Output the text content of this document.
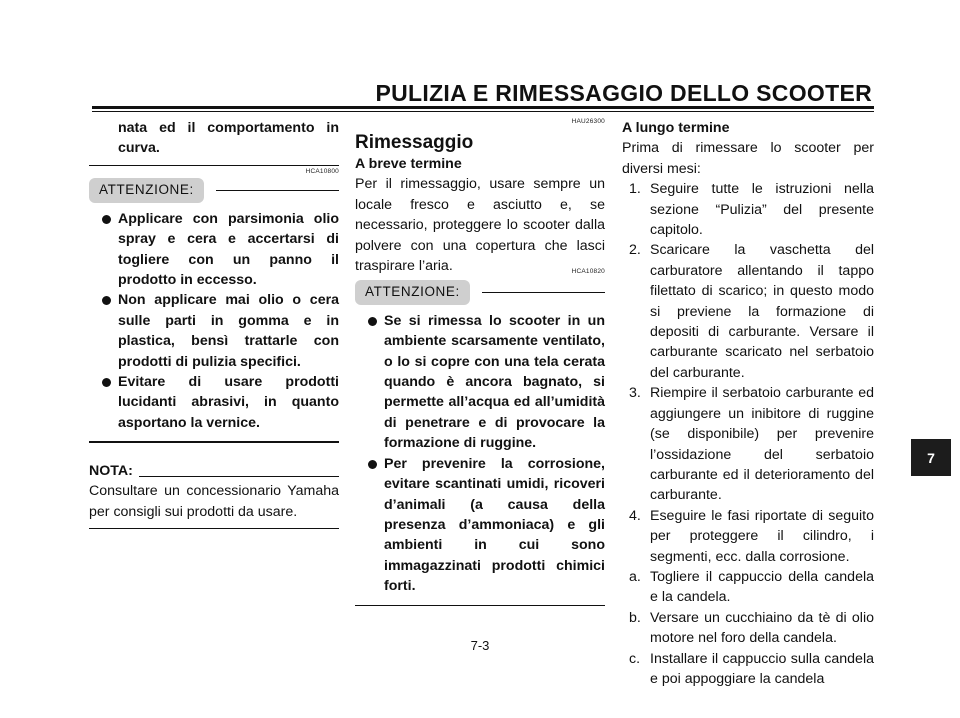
PULIZIA E RIMESSAGGIO DELLO SCOOTER
nata ed il comportamento in curva.
HCA10800
ATTENZIONE:
Applicare con parsimonia olio spray e cera e accertarsi di togliere con un panno il prodotto in eccesso.
Non applicare mai olio o cera sulle parti in gomma e in plastica, bensì trattarle con prodotti di pulizia specifici.
Evitare di usare prodotti lucidanti abrasivi, in quanto asportano la vernice.
NOTA:
Consultare un concessionario Yamaha per consigli sui prodotti da usare.
HAU26300
Rimessaggio
A breve termine
Per il rimessaggio, usare sempre un locale fresco e asciutto e, se necessario, proteggere lo scooter dalla polvere con una copertura che lasci traspirare l’aria.	HCA10820
ATTENZIONE:
Se si rimessa lo scooter in un ambiente scarsamente ventilato, o lo si copre con una tela cerata quando è ancora bagnato, si permette all’acqua ed all’umidità di penetrare e di provocare la formazione di ruggine.
Per prevenire la corrosione, evitare scantinati umidi, ricoveri d’animali (a causa della presenza d’ammoniaca) e gli ambienti in cui sono immagazzinati prodotti chimici forti.
A lungo termine
Prima di rimessare lo scooter per diversi mesi:
1. Seguire tutte le istruzioni nella sezione “Pulizia” del presente capitolo.
2. Scaricare la vaschetta del carburatore allentando il tappo filettato di scarico; in questo modo si previene la formazione di depositi di carburante. Versare il carburante scaricato nel serbatoio del carburante.
3. Riempire il serbatoio carburante ed aggiungere un inibitore di ruggine (se disponibile) per prevenire l’ossidazione del serbatoio carburante ed il deterioramento del carburante.
4. Eseguire le fasi riportate di seguito per proteggere il cilindro, i segmenti, ecc. dalla corrosione.
a. Togliere il cappuccio della candela e la candela.
b. Versare un cucchiaino da tè di olio motore nel foro della candela.
c. Installare il cappuccio sulla candela e poi appoggiare la candela
7
7-3
